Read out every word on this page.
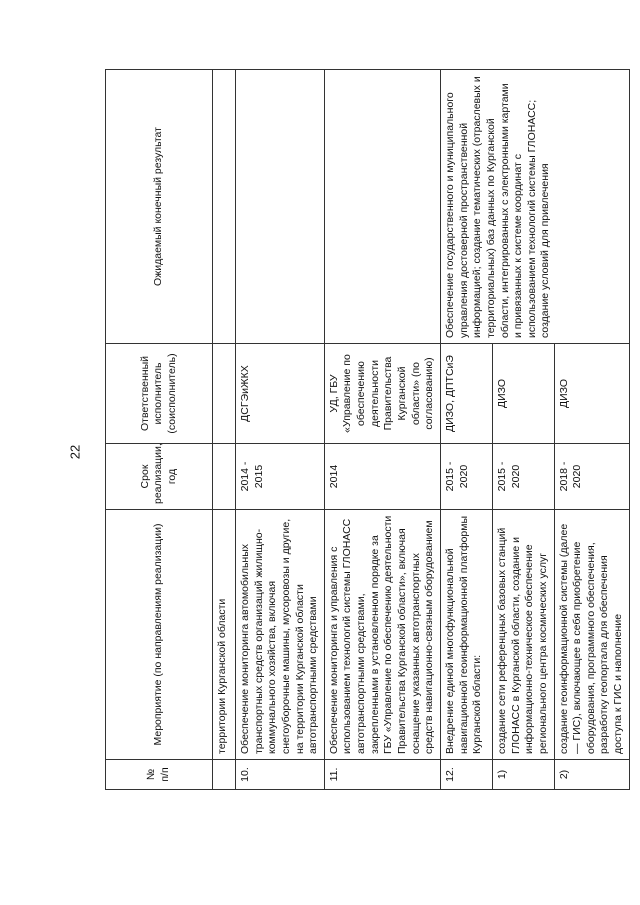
22
№ п/п	Мероприятие (по направлениям реализации)	Срок реализации, год	Ответственный исполнитель (соисполнитель)	Ожидаемый конечный результат
	территории Курганской области			
10.	Обеспечение мониторинга автомобильных транспортных средств организаций жилищно-коммунального хозяйства, включая снегоуборочные машины, мусоровозы и другие, на территории Курганской области автотранспортными средствами	2014 - 2015	ДСГЭиЖКХ	
11.	Обеспечение мониторинга и управления с использованием технологий системы ГЛОНАСС автотранспортными средствами, закрепленными в установленном порядке за ГБУ «Управление по обеспечению деятельности Правительства Курганской области», включая оснащение указанных автотранспортных средств навигационно-связным оборудованием	2014	УД, ГБУ «Управление по обеспечению деятельности Правительства Курганской области» (по согласованию)	
12.	Внедрение единой многофункциональной навигационной геоинформационной платформы Курганской области:	2015 - 2020	ДИЗО, ДПТСиЭ	Обеспечение государственного и муниципального управления достоверной пространственной информацией; создание тематических (отраслевых и территориальных) баз данных по Курганской области, интегрированных с электронными картами и привязанных к системе координат с использованием технологий системы ГЛОНАСС; создание условий для привлечения
1)	создание сети референцных базовых станций ГЛОНАСС в Курганской области, создание и информационно-техническое обеспечение регионального центра космических услуг	2015 - 2020	ДИЗО	
2)	создание геоинформационной системы (далее — ГИС), включающее в себя приобретение оборудования, программного обеспечения, разработку геопортала для обеспечения доступа к ГИС и наполнение	2018 - 2020	ДИЗО	
